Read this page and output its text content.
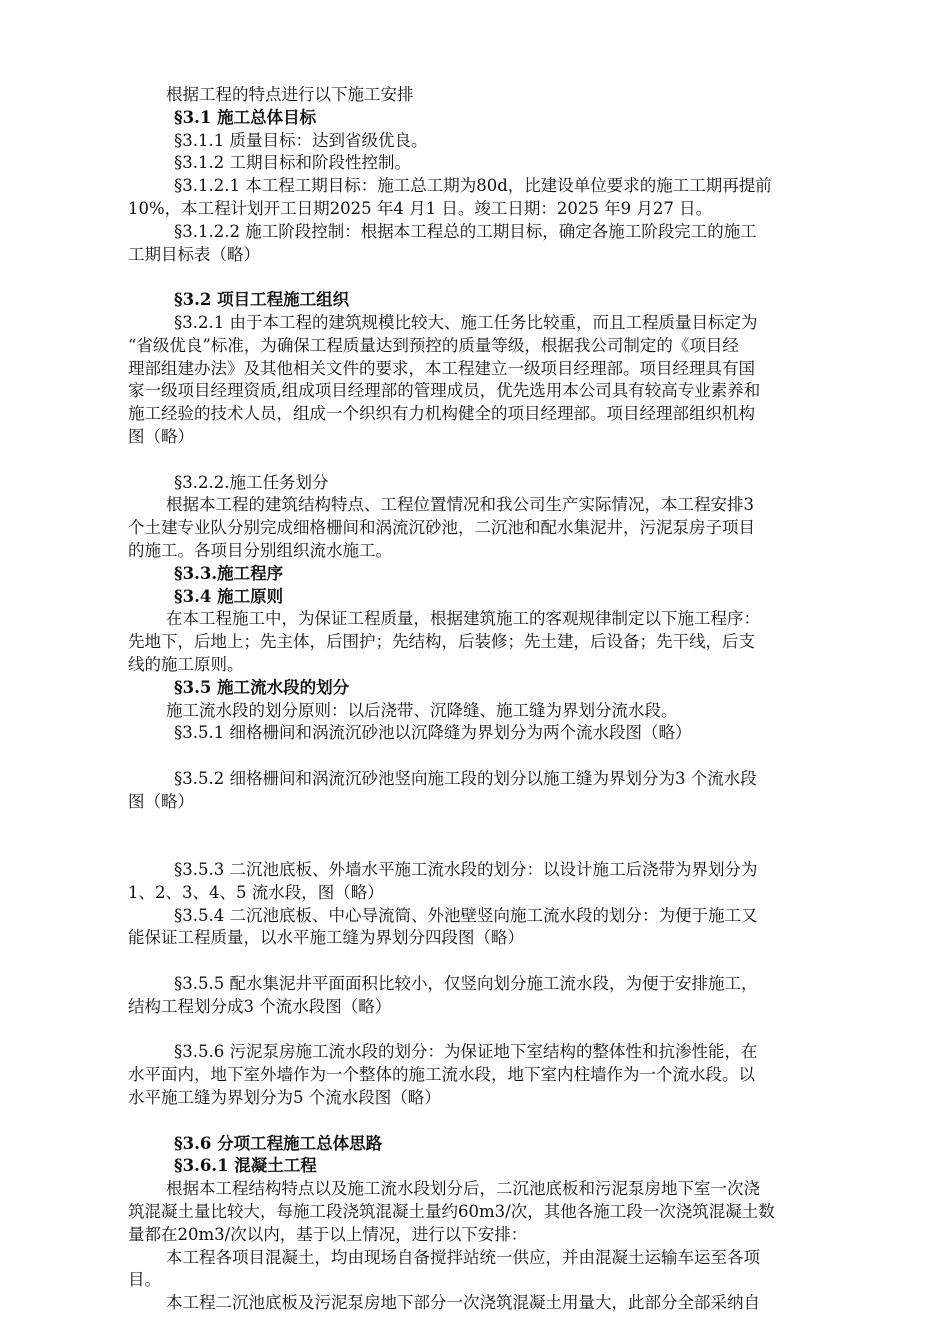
根据工程的特点进行以下施工安排
§3.1 施工总体目标
§3.1.1 质量目标：达到省级优良。
§3.1.2 工期目标和阶段性控制。
§3.1.2.1 本工程工期目标：施工总工期为80d，比建设单位要求的施工工期再提前
10%，本工程计划开工日期2025 年4 月1 日。竣工日期：2025 年9 月27 日。
§3.1.2.2 施工阶段控制：根据本工程总的工期目标，确定各施工阶段完工的施工
工期目标表（略）
§3.2 项目工程施工组织
§3.2.1 由于本工程的建筑规模比较大、施工任务比较重，而且工程质量目标定为
“省级优良”标准，为确保工程质量达到预控的质量等级，根据我公司制定的《项目经
理部组建办法》及其他相关文件的要求，本工程建立一级项目经理部。项目经理具有国
家一级项目经理资质,组成项目经理部的管理成员，优先选用本公司具有较高专业素养和
施工经验的技术人员，组成一个织织有力机构健全的项目经理部。项目经理部组织机构
图（略）
§3.2.2.施工任务划分
根据本工程的建筑结构特点、工程位置情况和我公司生产实际情况，本工程安排3
个土建专业队分别完成细格栅间和涡流沉砂池，二沉池和配水集泥井，污泥泵房子项目
的施工。各项目分别组织流水施工。
§3.3.施工程序
§3.4 施工原则
在本工程施工中，为保证工程质量，根据建筑施工的客观规律制定以下施工程序：
先地下，后地上；先主体，后围护；先结构，后装修；先土建，后设备；先干线，后支
线的施工原则。
§3.5 施工流水段的划分
施工流水段的划分原则：以后浇带、沉降缝、施工缝为界划分流水段。
§3.5.1 细格栅间和涡流沉砂池以沉降缝为界划分为两个流水段图（略）
§3.5.2 细格栅间和涡流沉砂池竖向施工段的划分以施工缝为界划分为3 个流水段
图（略）
§3.5.3 二沉池底板、外墙水平施工流水段的划分：以设计施工后浇带为界划分为
1、2、3、4、5 流水段，图（略）
§3.5.4 二沉池底板、中心导流筒、外池壁竖向施工流水段的划分：为便于施工又
能保证工程质量，以水平施工缝为界划分四段图（略）
§3.5.5 配水集泥井平面面积比较小，仅竖向划分施工流水段，为便于安排施工，
结构工程划分成3 个流水段图（略）
§3.5.6 污泥泵房施工流水段的划分：为保证地下室结构的整体性和抗渗性能，在
水平面内，地下室外墙作为一个整体的施工流水段，地下室内柱墙作为一个流水段。以
水平施工缝为界划分为5 个流水段图（略）
§3.6 分项工程施工总体思路
§3.6.1 混凝土工程
根据本工程结构特点以及施工流水段划分后，二沉池底板和污泥泵房地下室一次浇
筑混凝土量比较大，每施工段浇筑混凝土量约60m3/次，其他各施工段一次浇筑混凝土数
量都在20m3/次以内，基于以上情况，进行以下安排：
本工程各项目混凝土，均由现场自备搅拌站统一供应，并由混凝土运输车运至各项
目。
本工程二沉池底板及污泥泵房地下部分一次浇筑混凝土用量大，此部分全部采纳自
